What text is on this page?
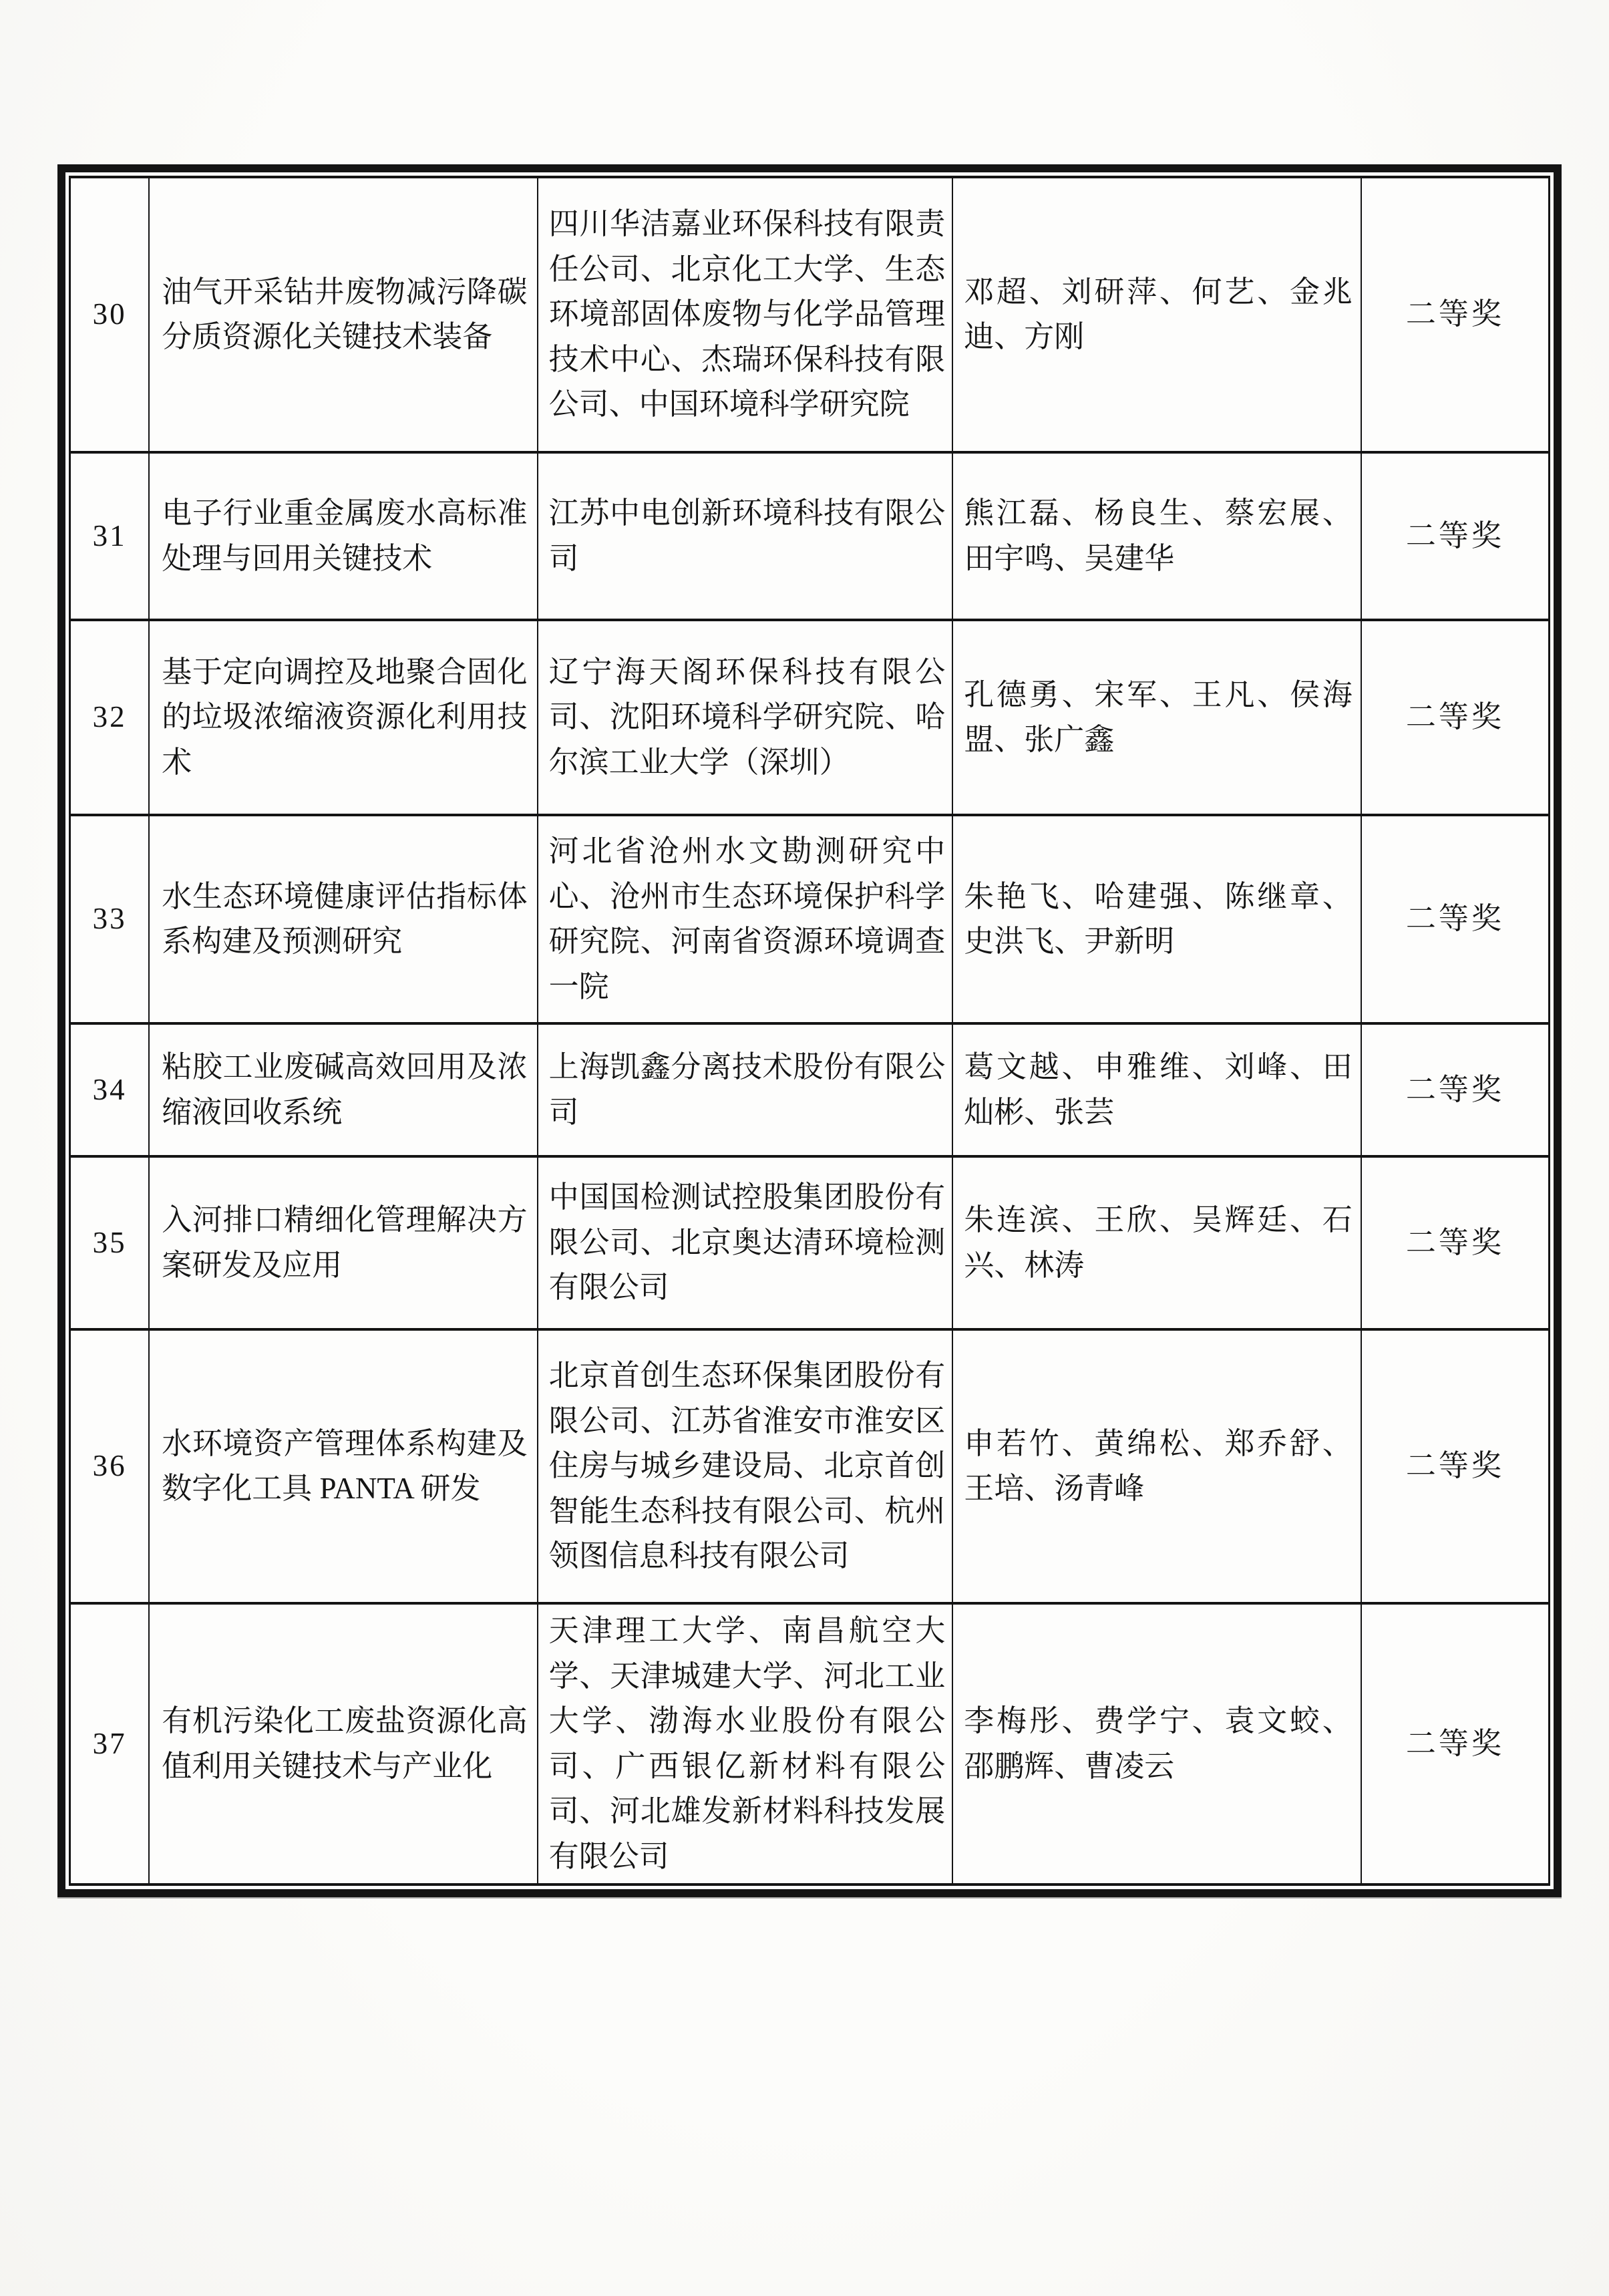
30	油气开采钻井废物减污降碳分质资源化关键技术装备	四川华洁嘉业环保科技有限责任公司、北京化工大学、生态环境部固体废物与化学品管理技术中心、杰瑞环保科技有限公司、中国环境科学研究院	邓超、刘研萍、何艺、金兆迪、方刚	二等奖
31	电子行业重金属废水高标准处理与回用关键技术	江苏中电创新环境科技有限公司	熊江磊、杨良生、蔡宏展、田宇鸣、吴建华	二等奖
32	基于定向调控及地聚合固化的垃圾浓缩液资源化利用技术	辽宁海天阁环保科技有限公司、沈阳环境科学研究院、哈尔滨工业大学（深圳）	孔德勇、宋军、王凡、侯海盟、张广鑫	二等奖
33	水生态环境健康评估指标体系构建及预测研究	河北省沧州水文勘测研究中心、沧州市生态环境保护科学研究院、河南省资源环境调查一院	朱艳飞、哈建强、陈继章、史洪飞、尹新明	二等奖
34	粘胶工业废碱高效回用及浓缩液回收系统	上海凯鑫分离技术股份有限公司	葛文越、申雅维、刘峰、田灿彬、张芸	二等奖
35	入河排口精细化管理解决方案研发及应用	中国国检测试控股集团股份有限公司、北京奥达清环境检测有限公司	朱连滨、王欣、吴辉廷、石兴、林涛	二等奖
36	水环境资产管理体系构建及数字化工具 PANTA 研发	北京首创生态环保集团股份有限公司、江苏省淮安市淮安区住房与城乡建设局、北京首创智能生态科技有限公司、杭州领图信息科技有限公司	申若竹、黄绵松、郑乔舒、王培、汤青峰	二等奖
37	有机污染化工废盐资源化高值利用关键技术与产业化	天津理工大学、南昌航空大学、天津城建大学、河北工业大学、渤海水业股份有限公司、广西银亿新材料有限公司、河北雄发新材料科技发展有限公司	李梅彤、费学宁、袁文蛟、邵鹏辉、曹凌云	二等奖
